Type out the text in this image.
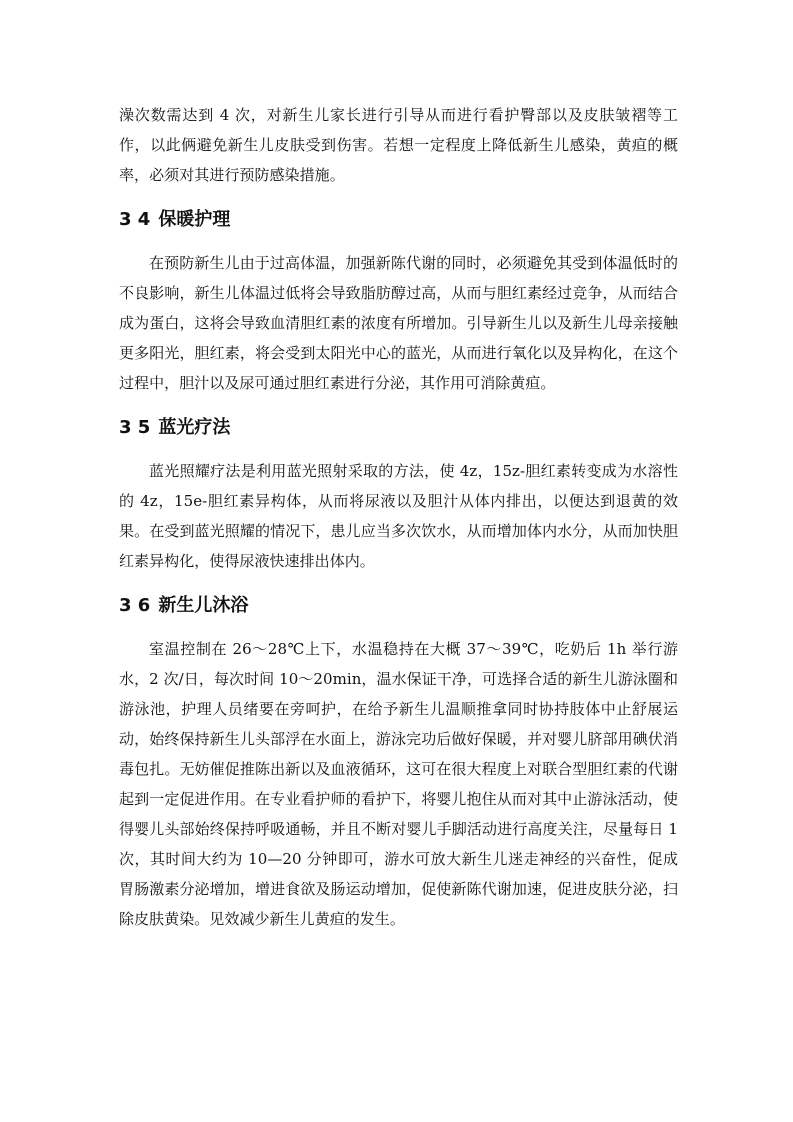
澡次数需达到 4 次，对新生儿家长进行引导从而进行看护臀部以及皮肤皱褶等工作，以此俩避免新生儿皮肤受到伤害。若想一定程度上降低新生儿感染，黄疸的概率，必须对其进行预防感染措施。

3 4 保暖护理

在预防新生儿由于过高体温，加强新陈代谢的同时，必须避免其受到体温低时的不良影响，新生儿体温过低将会导致脂肪醇过高，从而与胆红素经过竞争，从而结合成为蛋白，这将会导致血清胆红素的浓度有所增加。引导新生儿以及新生儿母亲接触更多阳光，胆红素，将会受到太阳光中心的蓝光，从而进行氧化以及异构化，在这个过程中，胆汁以及尿可通过胆红素进行分泌，其作用可消除黄疸。

3 5 蓝光疗法

蓝光照耀疗法是利用蓝光照射采取的方法，使 4z，15z-胆红素转变成为水溶性的 4z，15e-胆红素异构体，从而将尿液以及胆汁从体内排出，以便达到退黄的效果。在受到蓝光照耀的情况下，患儿应当多次饮水，从而增加体内水分，从而加快胆红素异构化，使得尿液快速排出体内。

3 6 新生儿沐浴

室温控制在 26～28℃上下，水温稳持在大概 37～39℃，吃奶后 1h 举行游水，2 次/日，每次时间 10～20min，温水保证干净，可选择合适的新生儿游泳圈和游泳池，护理人员绪要在旁呵护，在给予新生儿温顺推拿同时协持肢体中止舒展运动，始终保持新生儿头部浮在水面上，游泳完功后做好保暖，并对婴儿脐部用碘伏消毒包扎。无妨催促推陈出新以及血液循环，这可在很大程度上对联合型胆红素的代谢起到一定促进作用。在专业看护师的看护下，将婴儿抱住从而对其中止游泳活动，使得婴儿头部始终保持呼吸通畅，并且不断对婴儿手脚活动进行高度关注，尽量每日 1 次，其时间大约为 10—20 分钟即可，游水可放大新生儿迷走神经的兴奋性，促成胃肠激素分泌增加，增进食欲及肠运动增加，促使新陈代谢加速，促进皮肤分泌，扫除皮肤黄染。见效减少新生儿黄疸的发生。
